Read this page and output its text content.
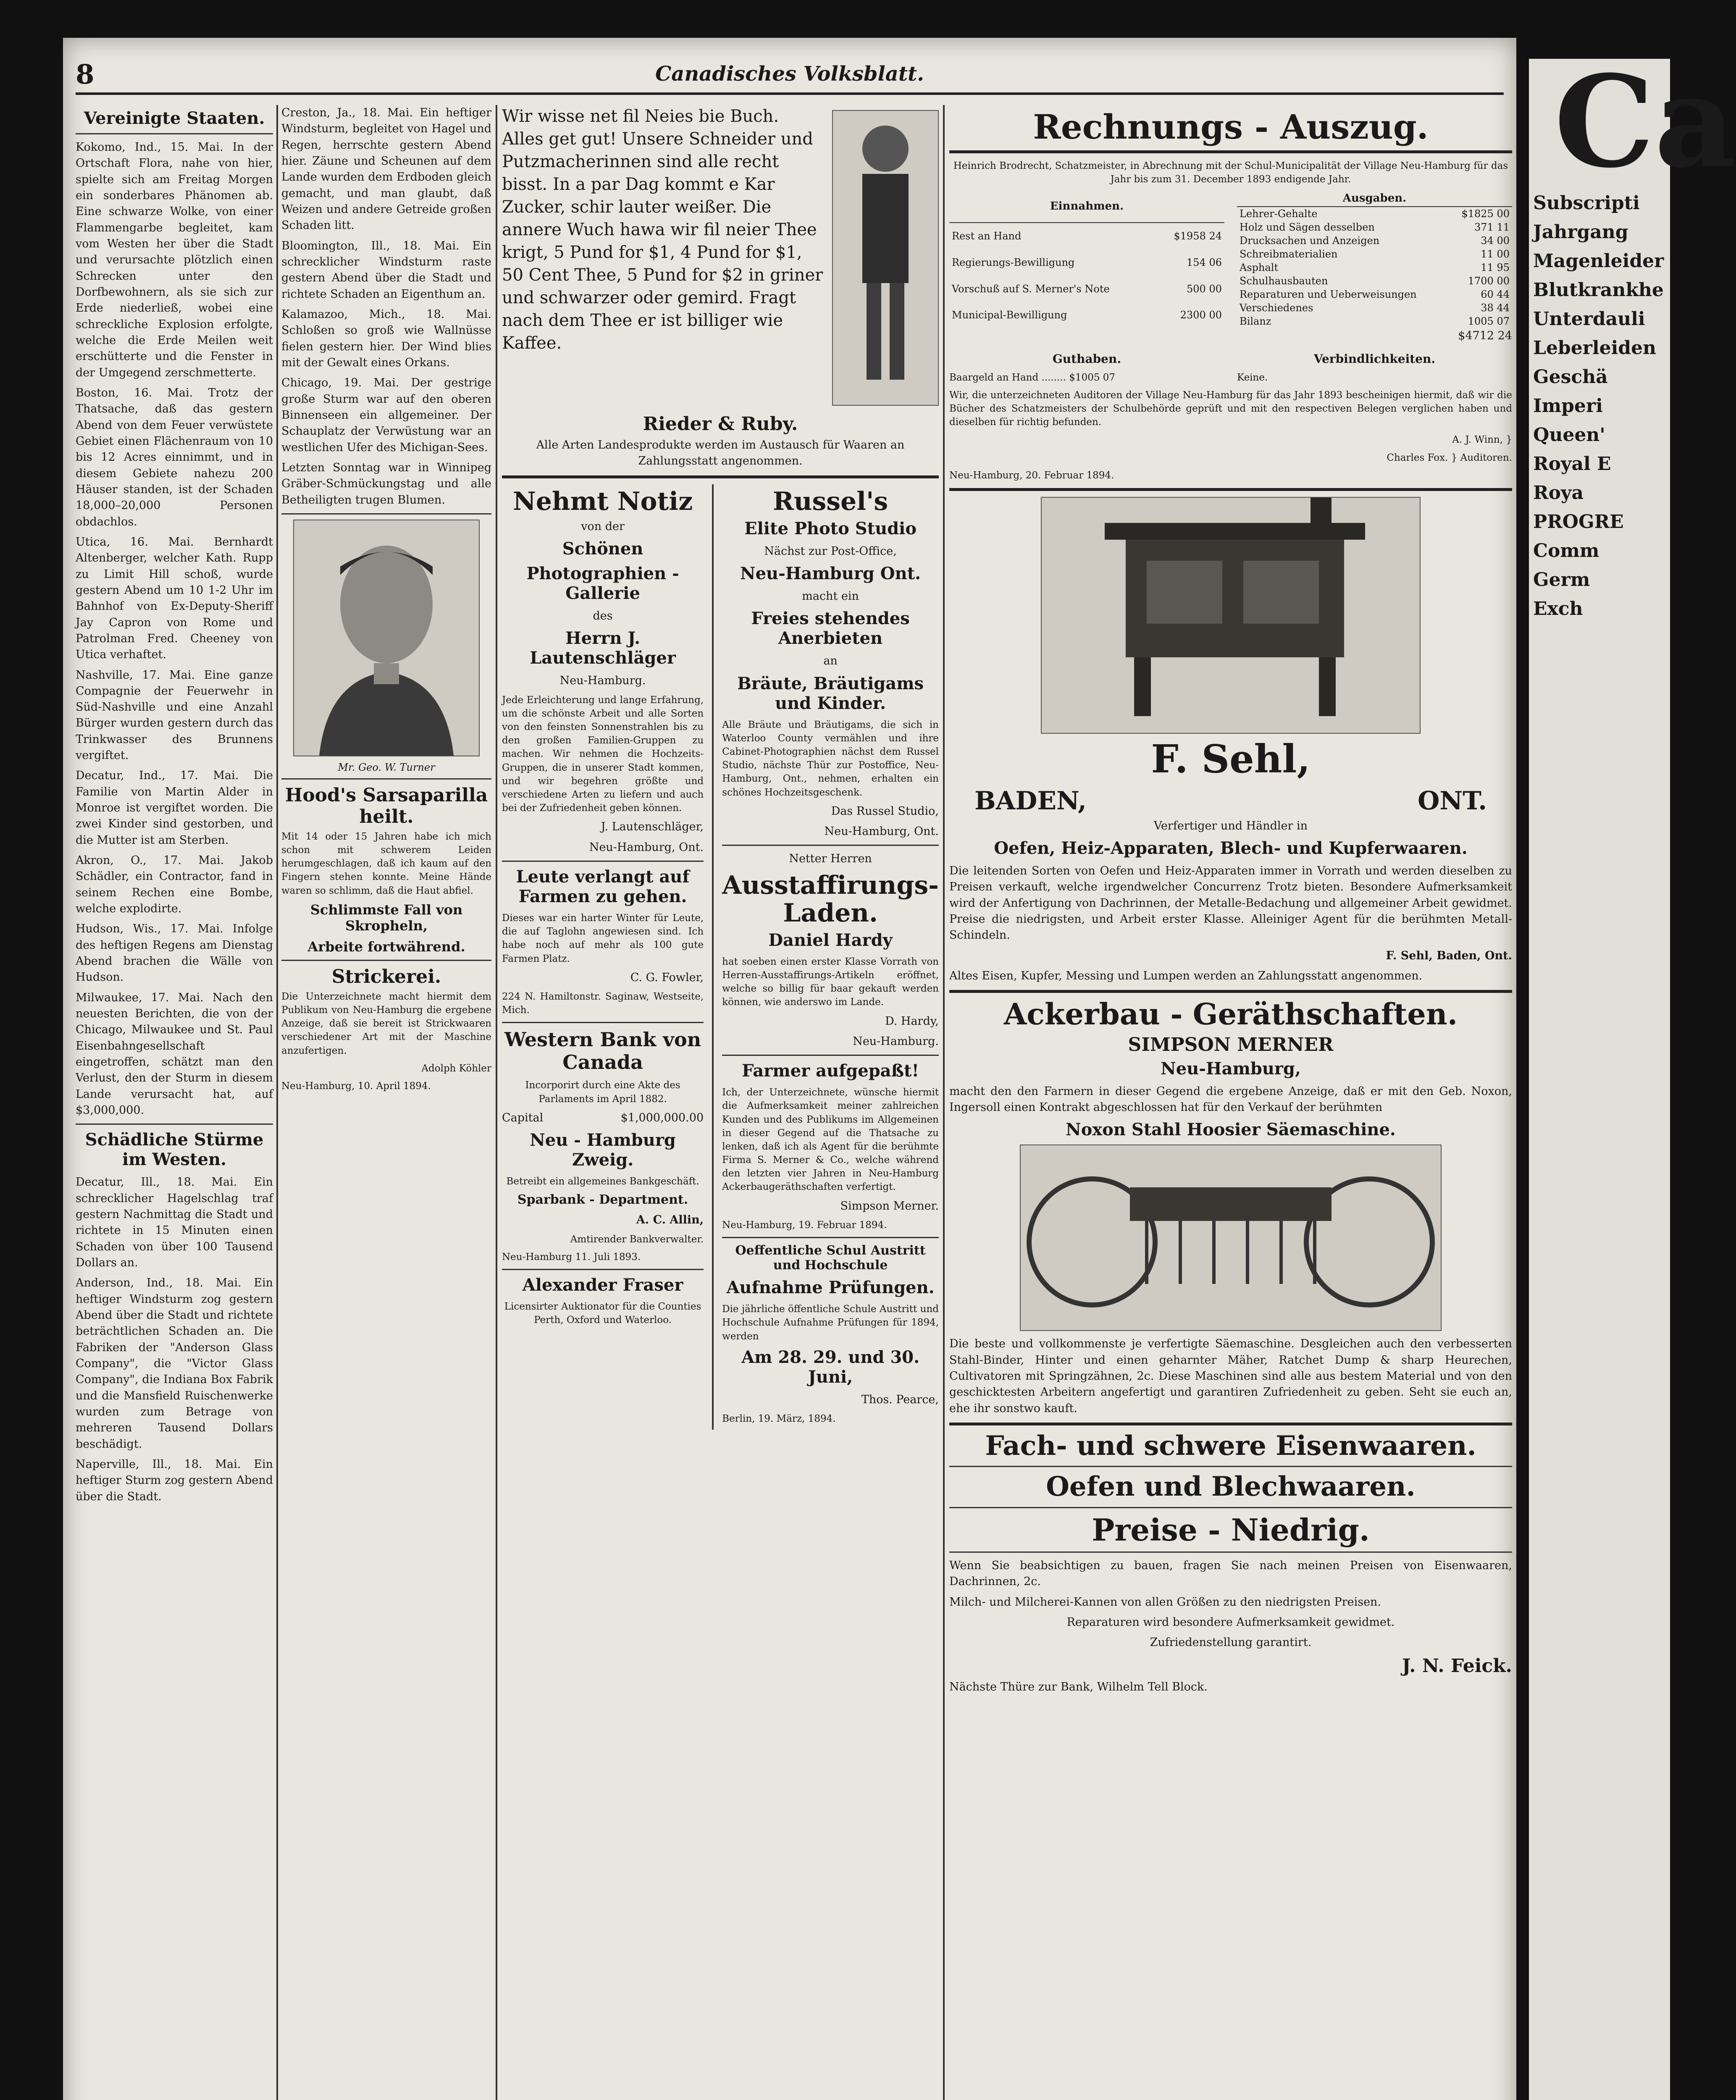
8	Canadisches Volksblatt.
Vereinigte Staaten.

Kokomo, Ind., 15. Mai. In der Ortschaft Flora, nahe von hier, spielte sich am Freitag Morgen ein sonderbares Phänomen ab. Eine schwarze Wolke, von einer Flammengarbe begleitet, kam vom Westen her über die Stadt und verursachte plötzlich einen Schrecken unter den Dorfbewohnern, als sie sich zur Erde niederließ, wobei eine schreckliche Explosion erfolgte, welche die Erde Meilen weit erschütterte und die Fenster in der Umgegend zerschmetterte.

Boston, 16. Mai. Trotz der Thatsache, daß das gestern Abend von dem Feuer verwüstete Gebiet einen Flächenraum von 10 bis 12 Acres einnimmt, und in diesem Gebiete nahezu 200 Häuser standen, ist der Schaden 18,000–20,000 Personen obdachlos.

Utica, 16. Mai. Bernhardt Altenberger, welcher Kath. Rupp zu Limit Hill schoß, wurde gestern Abend um 10 1-2 Uhr im Bahnhof von Ex-Deputy-Sheriff Jay Capron von Rome und Patrolman Fred. Cheeney von Utica verhaftet.

Nashville, 17. Mai. Eine ganze Compagnie der Feuerwehr in Süd-Nashville und eine Anzahl Bürger wurden gestern durch das Trinkwasser des Brunnens vergiftet.

Decatur, Ind., 17. Mai. Die Familie von Martin Alder in Monroe ist vergiftet worden. Die zwei Kinder sind gestorben, und die Mutter ist am Sterben.

Akron, O., 17. Mai. Jakob Schädler, ein Contractor, fand in seinem Rechen eine Bombe, welche explodirte.

Hudson, Wis., 17. Mai. Infolge des heftigen Regens am Dienstag Abend brachen die Wälle von Hudson.

Milwaukee, 17. Mai. Nach den neuesten Berichten, die von der Chicago, Milwaukee und St. Paul Eisenbahngesellschaft eingetroffen, schätzt man den Verlust, den der Sturm in diesem Lande verursacht hat, auf $3,000,000.

Schädliche Stürme im Westen.

Decatur, Ill., 18. Mai. Ein schrecklicher Hagelschlag traf gestern Nachmittag die Stadt und richtete in 15 Minuten einen Schaden von über 100 Tausend Dollars an.

Anderson, Ind., 18. Mai. Ein heftiger Windsturm zog gestern Abend über die Stadt und richtete beträchtlichen Schaden an. Die Fabriken der "Anderson Glass Company", die "Victor Glass Company", die Indiana Box Fabrik und die Mansfield Ruischenwerke wurden zum Betrage von mehreren Tausend Dollars beschädigt.

Naperville, Ill., 18. Mai. Ein heftiger Sturm zog gestern Abend über die Stadt.

Creston, Ja., 18. Mai. Ein heftiger Windsturm, begleitet von Hagel und Regen, herrschte gestern Abend hier. Zäune und Scheunen auf dem Lande wurden dem Erdboden gleich gemacht, und man glaubt, daß Weizen und andere Getreide großen Schaden litt.

Bloomington, Ill., 18. Mai. Ein schrecklicher Windsturm raste gestern Abend über die Stadt und richtete Schaden an Eigenthum an.

Kalamazoo, Mich., 18. Mai. Schloßen so groß wie Wallnüsse fielen gestern hier. Der Wind blies mit der Gewalt eines Orkans.

Chicago, 19. Mai. Der gestrige große Sturm war auf den oberen Binnenseen ein allgemeiner. Der Schauplatz der Verwüstung war an westlichen Ufer des Michigan-Sees.

Letzten Sonntag war in Winnipeg Gräber-Schmückungstag und alle Betheiligten trugen Blumen.

Mr. Geo. W. Turner
Hood's Sarsaparilla heilt.

Mit 14 oder 15 Jahren habe ich mich schon mit schwerem Leiden herumgeschlagen, daß ich kaum auf den Fingern stehen konnte. Meine Hände waren so schlimm, daß die Haut abfiel.

Schlimmste Fall von Skropheln,
Arbeite fortwährend.
Strickerei.

Die Unterzeichnete macht hiermit dem Publikum von Neu-Hamburg die ergebene Anzeige, daß sie bereit ist Strickwaaren verschiedener Art mit der Maschine anzufertigen.

Adolph Köhler
Neu-Hamburg, 10. April 1894.

Wir wisse net fil Neies bie Buch. Alles get gut! Unsere Schneider und Putzmacherinnen sind alle recht bisst. In a par Dag kommt e Kar Zucker, schir lauter weißer. Die annere Wuch hawa wir fil neier Thee krigt, 5 Pund for $1, 4 Pund for $1, 50 Cent Thee, 5 Pund for $2 in griner und schwarzer oder gemird. Fragt nach dem Thee er ist billiger wie Kaffee.

Rieder & Ruby.

Alle Arten Landesprodukte werden im Austausch für Waaren an Zahlungsstatt angenommen.

Nehmt Notiz
von der
Schönen
Photographien - Gallerie
des
Herrn J. Lautenschläger
Neu-Hamburg.

Jede Erleichterung und lange Erfahrung, um die schönste Arbeit und alle Sorten von den feinsten Sonnenstrahlen bis zu den großen Familien-Gruppen zu machen. Wir nehmen die Hochzeits-Gruppen, die in unserer Stadt kommen, und wir begehren größte und verschiedene Arten zu liefern und auch bei der Zufriedenheit geben können.

J. Lautenschläger,
Neu-Hamburg, Ont.
Leute verlangt auf Farmen zu gehen.

Dieses war ein harter Winter für Leute, die auf Taglohn angewiesen sind. Ich habe noch auf mehr als 100 gute Farmen Platz.

C. G. Fowler,
224 N. Hamiltonstr. Saginaw, Westseite, Mich.
Western Bank von Canada

Incorporirt durch eine Akte des Parlaments im April 1882.

Capital	$1,000,000.00
Neu - Hamburg Zweig.
Betreibt ein allgemeines Bankgeschäft.
Sparbank - Department.
A. C. Allin,
Amtirender Bankverwalter.
Neu-Hamburg 11. Juli 1893.
Alexander Fraser
Licensirter Auktionator für die Counties Perth, Oxford und Waterloo.
Russel's
Elite Photo Studio
Nächst zur Post-Office,
Neu-Hamburg Ont.
macht ein
Freies stehendes Anerbieten
an
Bräute, Bräutigams und Kinder.

Alle Bräute und Bräutigams, die sich in Waterloo County vermählen und ihre Cabinet-Photographien nächst dem Russel Studio, nächste Thür zur Postoffice, Neu-Hamburg, Ont., nehmen, erhalten ein schönes Hochzeitsgeschenk.

Das Russel Studio,
Neu-Hamburg, Ont.
Netter Herren
Ausstaffirungs-Laden.
Daniel Hardy

hat soeben einen erster Klasse Vorrath von Herren-Ausstaffirungs-Artikeln eröffnet, welche so billig für baar gekauft werden können, wie anderswo im Lande.

D. Hardy,
Neu-Hamburg.
Farmer aufgepaßt!

Ich, der Unterzeichnete, wünsche hiermit die Aufmerksamkeit meiner zahlreichen Kunden und des Publikums im Allgemeinen in dieser Gegend auf die Thatsache zu lenken, daß ich als Agent für die berühmte Firma S. Merner & Co., welche während den letzten vier Jahren in Neu-Hamburg Ackerbaugeräthschaften verfertigt.

Simpson Merner.
Neu-Hamburg, 19. Februar 1894.
Oeffentliche Schul Austritt und Hochschule
Aufnahme Prüfungen.

Die jährliche öffentliche Schule Austritt und Hochschule Aufnahme Prüfungen für 1894, werden

Am 28. 29. und 30. Juni,
Thos. Pearce,
Berlin, 19. März, 1894.
Rechnungs - Auszug.

Heinrich Brodrecht, Schatzmeister, in Abrechnung mit der Schul-Municipalität der Village Neu-Hamburg für das Jahr bis zum 31. December 1893 endigende Jahr.

Einnahmen.	
Rest an Hand	$1958 24
Regierungs-Bewilligung	154 06
Vorschuß auf S. Merner's Note	500 00
Municipal-Bewilligung	2300 00
Ausgaben.	
Lehrer-Gehalte	$1825 00
Holz und Sägen desselben	371 11
Drucksachen und Anzeigen	34 00
Schreibmaterialien	11 00
Asphalt	11 95
Schulhausbauten	1700 00
Reparaturen und Ueberweisungen	60 44
Verschiedenes	38 44
Bilanz	1005 07
$4712 24
Guthaben.
Baargeld an Hand ........ $1005 07
Verbindlichkeiten.
Keine.

Wir, die unterzeichneten Auditoren der Village Neu-Hamburg für das Jahr 1893 bescheinigen hiermit, daß wir die Bücher des Schatzmeisters der Schulbehörde geprüft und mit den respectiven Belegen verglichen haben und dieselben für richtig befunden.

A. J. Winn, }
Charles Fox. } Auditoren.
Neu-Hamburg, 20. Februar 1894.
F. Sehl,
BADEN,	ONT.
Verfertiger und Händler in
Oefen, Heiz-Apparaten, Blech- und Kupferwaaren.

Die leitenden Sorten von Oefen und Heiz-Apparaten immer in Vorrath und werden dieselben zu Preisen verkauft, welche irgendwelcher Concurrenz Trotz bieten. Besondere Aufmerksamkeit wird der Anfertigung von Dachrinnen, der Metalle-Bedachung und allgemeiner Arbeit gewidmet. Preise die niedrigsten, und Arbeit erster Klasse. Alleiniger Agent für die berühmten Metall-Schindeln.

F. Sehl, Baden, Ont.

Altes Eisen, Kupfer, Messing und Lumpen werden an Zahlungsstatt angenommen.

Ackerbau - Geräthschaften.
SIMPSON MERNER
Neu-Hamburg,

macht den den Farmern in dieser Gegend die ergebene Anzeige, daß er mit den Geb. Noxon, Ingersoll einen Kontrakt abgeschlossen hat für den Verkauf der berühmten

Noxon Stahl Hoosier Säemaschine.

Die beste und vollkommenste je verfertigte Säemaschine. Desgleichen auch den verbesserten Stahl-Binder, Hinter und einen geharnter Mäher, Ratchet Dump & sharp Heurechen, Cultivatoren mit Springzähnen, 2c. Diese Maschinen sind alle aus bestem Material und von den geschicktesten Arbeitern angefertigt und garantiren Zufriedenheit zu geben. Seht sie euch an, ehe ihr sonstwo kauft.

Fach- und schwere Eisenwaaren.
Oefen und Blechwaaren.
Preise - Niedrig.

Wenn Sie beabsichtigen zu bauen, fragen Sie nach meinen Preisen von Eisenwaaren, Dachrinnen, 2c.

Milch- und Milcherei-Kannen von allen Größen zu den niedrigsten Preisen.

Reparaturen wird besondere Aufmerksamkeit gewidmet.

Zufriedenstellung garantirt.

J. N. Feick.
Nächste Thüre zur Bank, Wilhelm Tell Block.
Ca
Subscripti
Jahrgang
Magenleider
Blutkrankhe
Unterdauli
Leberleiden
Geschä
Imperi
Queen'
Royal E
Roya
PROGRE
Comm
Germ
Exch
